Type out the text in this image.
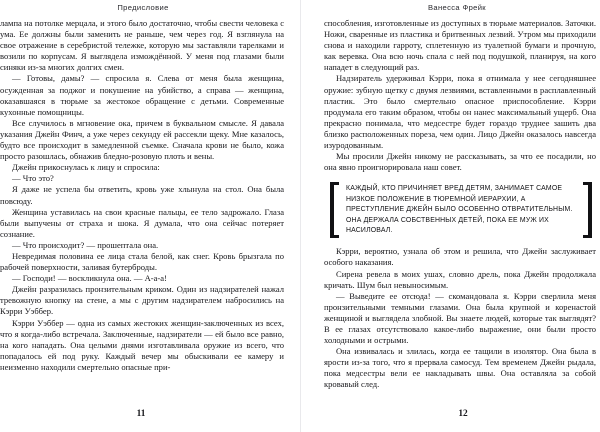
Предисловие

лампа на потолке мерцала, и этого было достаточно, чтобы свести человека с ума. Ее должны были заменить не раньше, чем через год. Я взглянула на свое отражение в серебристой тележке, которую мы заставляли тарелками и возили по корпусам. Я выглядела измождённой. У меня под глазами были синяки из-за многих долгих смен.

— Готовы, дамы? — спросила я. Слева от меня была женщина, осужденная за поджог и покушение на убийство, а справа — женщина, оказавшаяся в тюрьме за жестокое обращение с детьми. Современные кухонные помощницы.

Все случилось в мгновение ока, причем в буквальном смысле. Я давала указания Джейн Финч, а уже через секунду ей рассекли щеку. Мне казалось, будто все происходит в замедленной съемке. Сначала крови не было, кожа просто разошлась, обнажив бледно-розовую плоть и вены.

Джейн прикоснулась к лицу и спросила:

— Что это?

Я даже не успела бы ответить, кровь уже хлынула на стол. Она была повсюду.

Женщина уставилась на свои красные пальцы, ее тело задрожало. Глаза были выпучены от страха и шока. Я думала, что она сейчас потеряет сознание.

— Что происходит? — прошептала она.

Невредимая половина ее лица стала белой, как снег. Кровь брызгала по рабочей поверхности, заливая бутерброды.

— Господи! — воскликнула она. — А-а-а!

Джейн разразилась пронзительным криком. Один из надзирателей нажал тревожную кнопку на стене, а мы с другим надзирателем набросились на Кэрри Уэббер.

Кэрри Уэббер — одна из самых жестоких женщин-заключенных из всех, что я когда-либо встречала. Заключенные, надзиратели — ей было все равно, на кого нападать. Она целыми днями изготавливала оружие из всего, что попадалось ей под руку. Каждый вечер мы обыскивали ее камеру и неизменно находили смертельно опасные при-

11
Ванесса Фрейк

способления, изготовленные из доступных в тюрьме материалов. Заточки. Ножи, сваренные из пластика и бритвенных лезвий. Утром мы приходили снова и находили гарроту, сплетенную из туалетной бумаги и прочную, как веревка. Она всю ночь спала с ней под подушкой, планируя, на кого нападет в следующий раз.

Надзиратель удерживал Кэрри, пока я отнимала у нее сегодняшнее оружие: зубную щетку с двумя лезвиями, вставленными в расплавленный пластик. Это было смертельно опасное приспособление. Кэрри продумала его таким образом, чтобы он нанес максимальный ущерб. Она прекрасно понимала, что медсестре будет гораздо труднее зашить два близко расположенных пореза, чем один. Лицо Джейн оказалось навсегда изуродованным.

Мы просили Джейн никому не рассказывать, за что ее посадили, но она явно проигнорировала наш совет.

КАЖДЫЙ, КТО ПРИЧИНЯЕТ ВРЕД ДЕТЯМ, ЗАНИМАЕТ САМОЕ НИЗКОЕ ПОЛОЖЕНИЕ В ТЮРЕМНОЙ ИЕРАРХИИ, А ПРЕСТУПЛЕНИЕ ДЖЕЙН БЫЛО ОСОБЕННО ОТВРАТИТЕЛЬНЫМ. ОНА ДЕРЖАЛА СОБСТВЕННЫХ ДЕТЕЙ, ПОКА ЕЕ МУЖ ИХ НАСИЛОВАЛ.

Кэрри, вероятно, узнала об этом и решила, что Джейн заслуживает особого наказания.

Сирена ревела в моих ушах, словно дрель, пока Джейн продолжала кричать. Шум был невыносимым.

— Выведите ее отсюда! — скомандовала я. Кэрри сверлила меня пронзительными темными глазами. Она была крупной и коренастой женщиной и выглядела злобной. Вы знаете людей, которые так выглядят? В ее глазах отсутствовало какое-либо выражение, они были просто холодными и острыми.

Она извивалась и злилась, когда ее тащили в изолятор. Она была в ярости из-за того, что я прервала самосуд. Тем временем Джейн рыдала, пока медсестры вели ее накладывать швы. Она оставляла за собой кровавый след.

12
